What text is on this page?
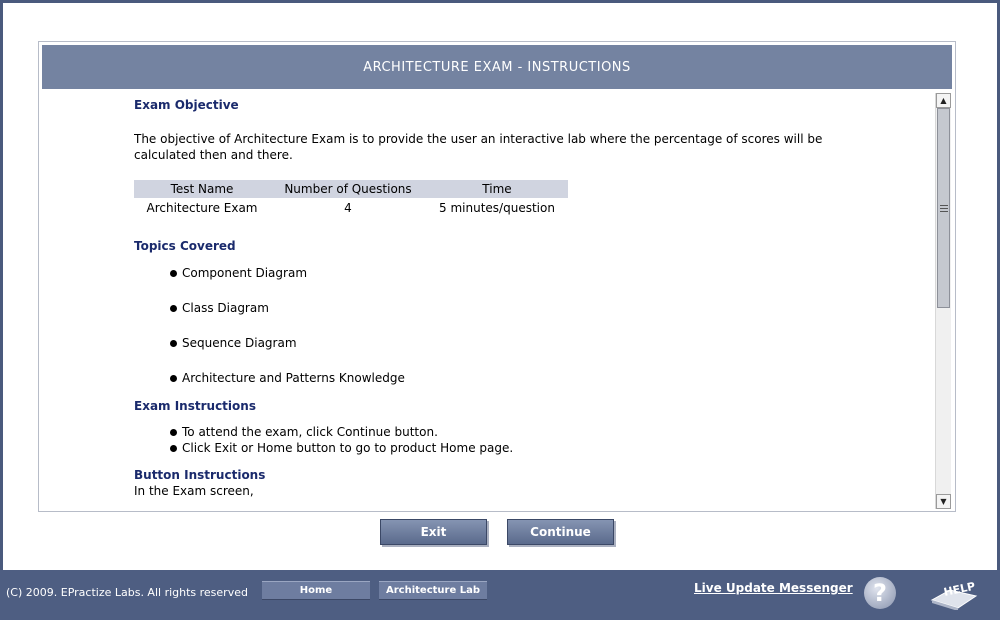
ARCHITECTURE EXAM - INSTRUCTIONS
Exam Objective
The objective of Architecture Exam is to provide the user an interactive lab where the percentage of scores will be calculated then and there.
Test Name	Number of Questions	Time
Architecture Exam	4	5 minutes/question
Topics Covered
Component Diagram
Class Diagram
Sequence Diagram
Architecture and Patterns Knowledge
Exam Instructions
To attend the exam, click Continue button.
Click Exit or Home button to go to product Home page.
Button Instructions
In the Exam screen,
▲
▼
Exit	Continue
(C) 2009. EPractize Labs. All rights reserved	Home	Architecture Lab	Live Update Messenger ?	HELP
